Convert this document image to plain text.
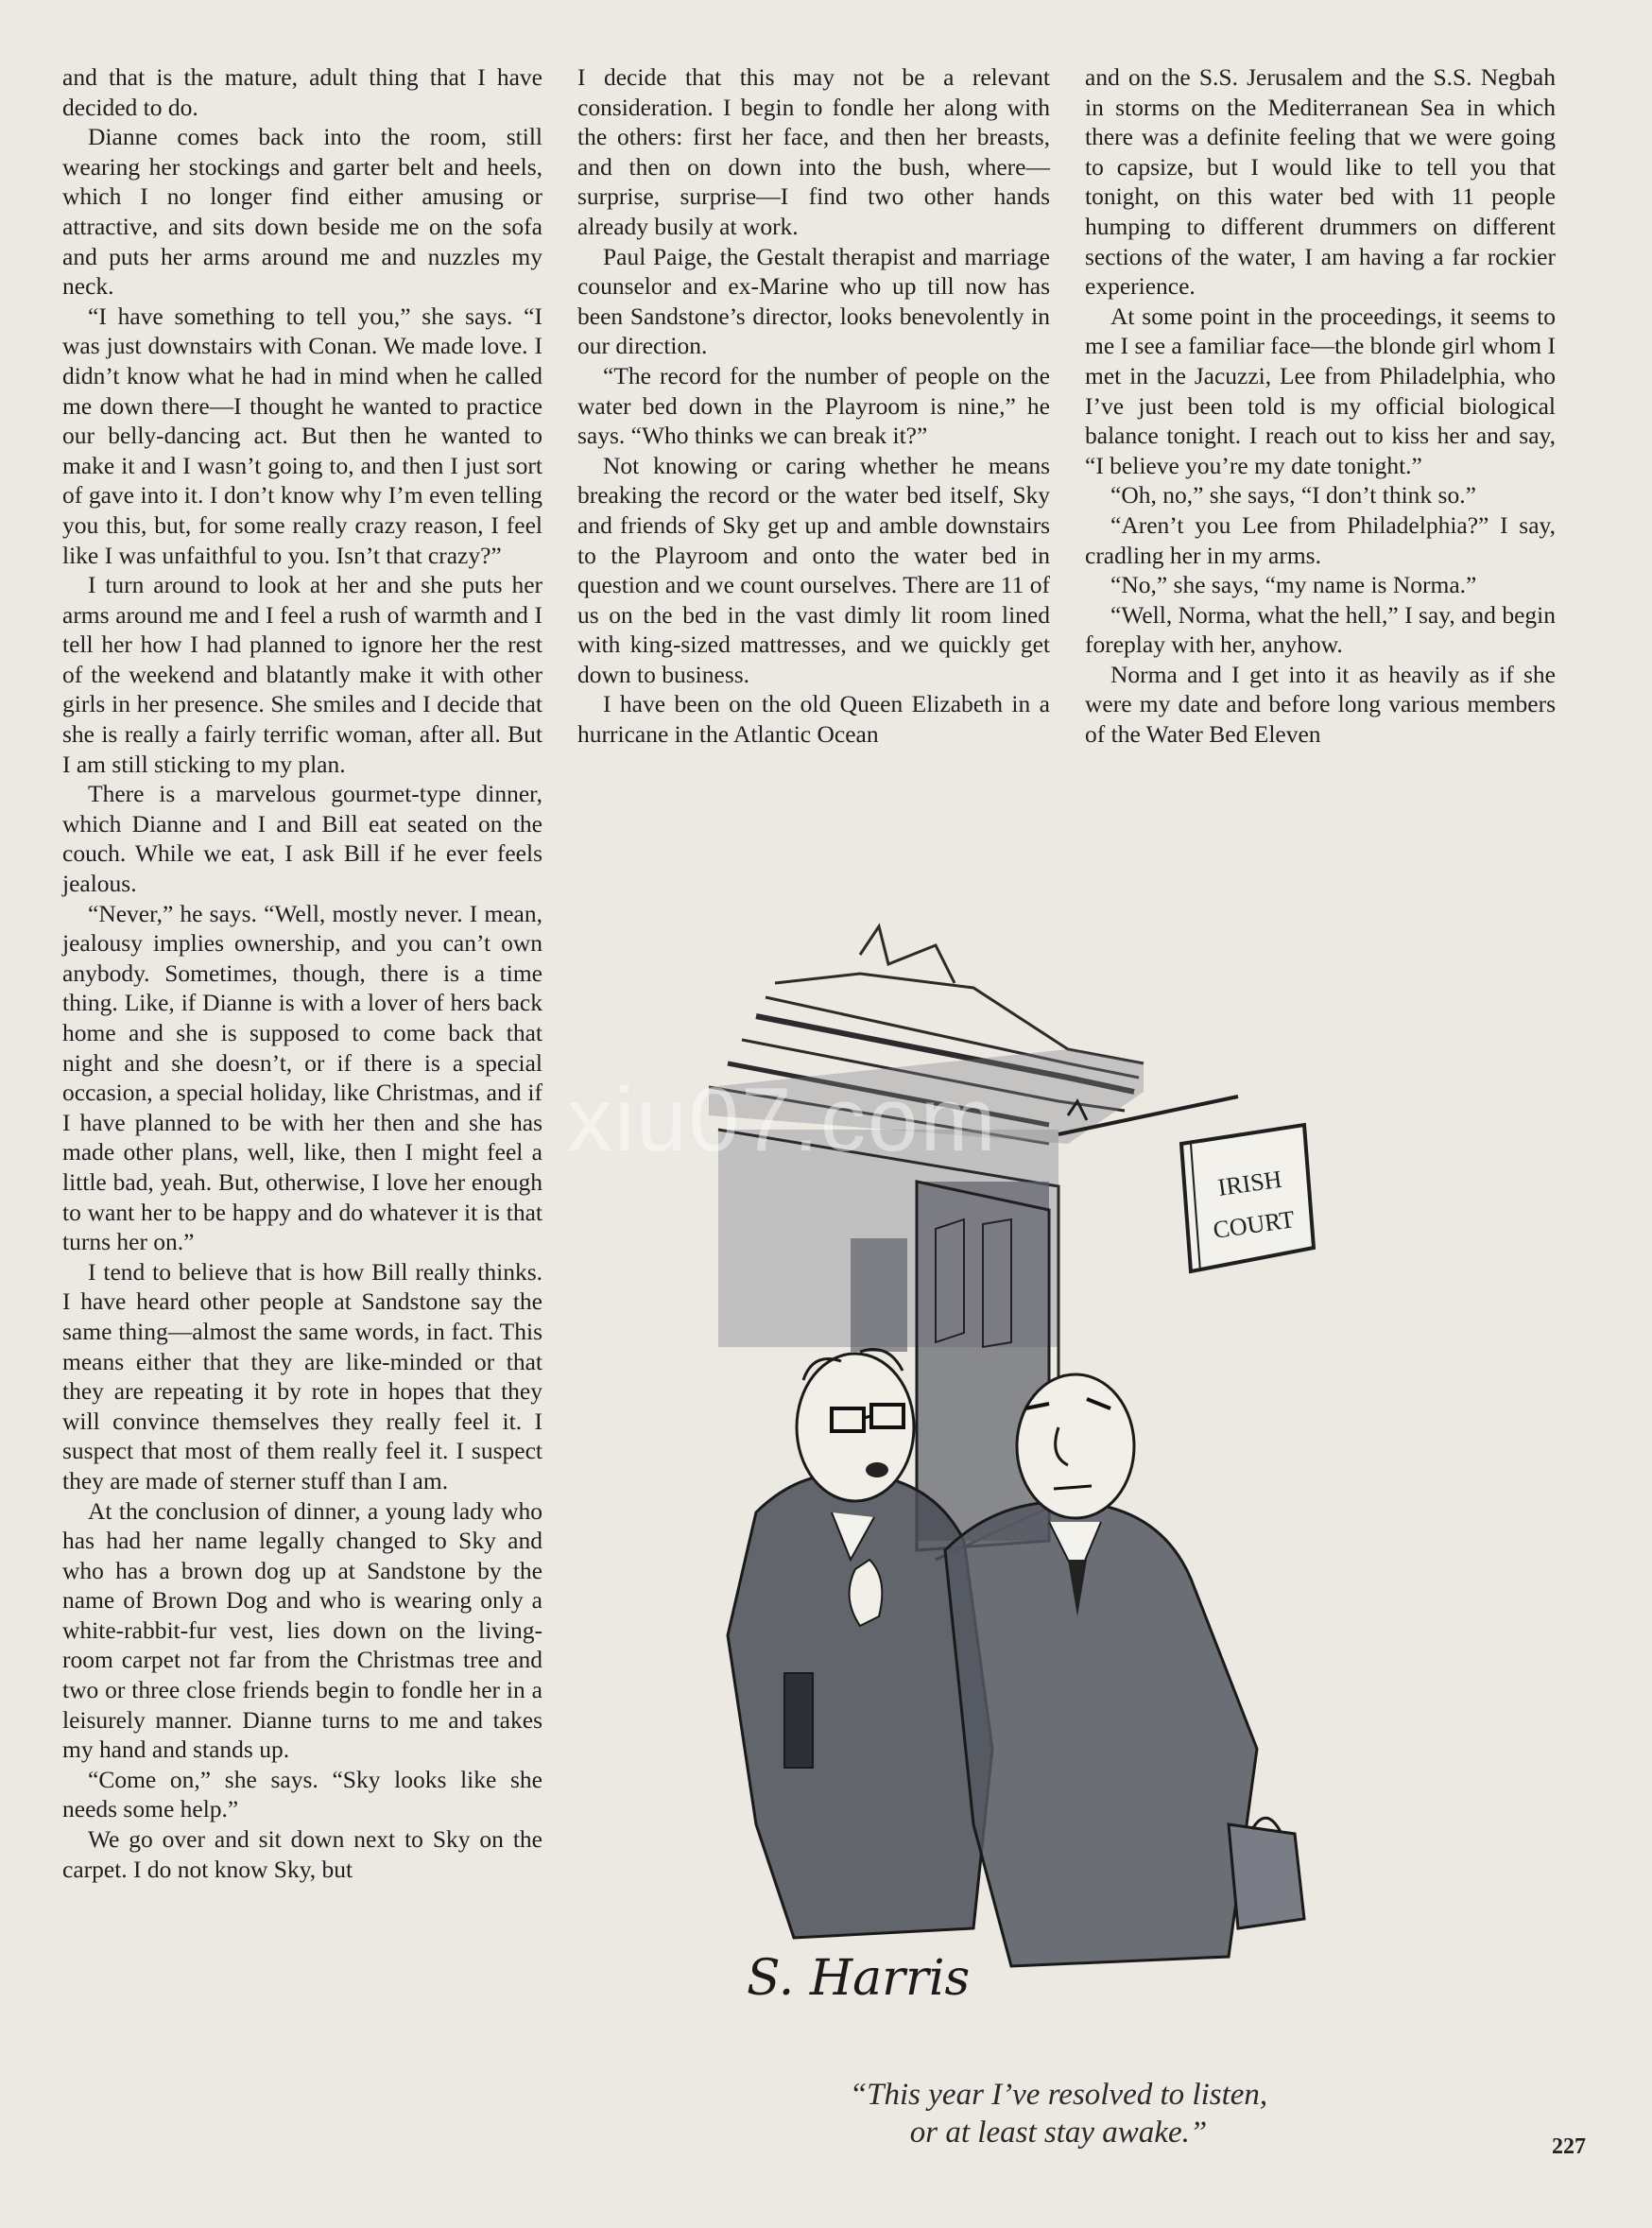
and that is the mature, adult thing that I have decided to do.

Dianne comes back into the room, still wearing her stockings and garter belt and heels, which I no longer find either amusing or attractive, and sits down beside me on the sofa and puts her arms around me and nuzzles my neck.

“I have something to tell you,” she says. “I was just downstairs with Conan. We made love. I didn’t know what he had in mind when he called me down there—I thought he wanted to practice our belly-dancing act. But then he wanted to make it and I wasn’t going to, and then I just sort of gave into it. I don’t know why I’m even telling you this, but, for some really crazy reason, I feel like I was unfaithful to you. Isn’t that crazy?”

I turn around to look at her and she puts her arms around me and I feel a rush of warmth and I tell her how I had planned to ignore her the rest of the weekend and blatantly make it with other girls in her presence. She smiles and I decide that she is really a fairly terrific woman, after all. But I am still sticking to my plan.

There is a marvelous gourmet-type dinner, which Dianne and I and Bill eat seated on the couch. While we eat, I ask Bill if he ever feels jealous.

“Never,” he says. “Well, mostly never. I mean, jealousy implies ownership, and you can’t own anybody. Sometimes, though, there is a time thing. Like, if Dianne is with a lover of hers back home and she is supposed to come back that night and she doesn’t, or if there is a special occasion, a special holiday, like Christmas, and if I have planned to be with her then and she has made other plans, well, like, then I might feel a little bad, yeah. But, otherwise, I love her enough to want her to be happy and do whatever it is that turns her on.”

I tend to believe that is how Bill really thinks. I have heard other people at Sandstone say the same thing—almost the same words, in fact. This means either that they are like-minded or that they are repeating it by rote in hopes that they will convince themselves they really feel it. I suspect that most of them really feel it. I suspect they are made of sterner stuff than I am.

At the conclusion of dinner, a young lady who has had her name legally changed to Sky and who has a brown dog up at Sandstone by the name of Brown Dog and who is wearing only a white-rabbit-fur vest, lies down on the living-room carpet not far from the Christmas tree and two or three close friends begin to fondle her in a leisurely manner. Dianne turns to me and takes my hand and stands up.

“Come on,” she says. “Sky looks like she needs some help.”

We go over and sit down next to Sky on the carpet. I do not know Sky, but

I decide that this may not be a relevant consideration. I begin to fondle her along with the others: first her face, and then her breasts, and then on down into the bush, where—surprise, surprise—I find two other hands already busily at work.

Paul Paige, the Gestalt therapist and marriage counselor and ex-Marine who up till now has been Sandstone’s director, looks benevolently in our direction.

“The record for the number of people on the water bed down in the Playroom is nine,” he says. “Who thinks we can break it?”

Not knowing or caring whether he means breaking the record or the water bed itself, Sky and friends of Sky get up and amble downstairs to the Playroom and onto the water bed in question and we count ourselves. There are 11 of us on the bed in the vast dimly lit room lined with king-sized mattresses, and we quickly get down to business.

I have been on the old Queen Elizabeth in a hurricane in the Atlantic Ocean

and on the S.S. Jerusalem and the S.S. Negbah in storms on the Mediterranean Sea in which there was a definite feeling that we were going to capsize, but I would like to tell you that tonight, on this water bed with 11 people humping to different drummers on different sections of the water, I am having a far rockier experience.

At some point in the proceedings, it seems to me I see a familiar face—the blonde girl whom I met in the Jacuzzi, Lee from Philadelphia, who I’ve just been told is my official biological balance tonight. I reach out to kiss her and say, “I believe you’re my date tonight.”

“Oh, no,” she says, “I don’t think so.”

“Aren’t you Lee from Philadelphia?” I say, cradling her in my arms.

“No,” she says, “my name is Norma.”

“Well, Norma, what the hell,” I say, and begin foreplay with her, anyhow.

Norma and I get into it as heavily as if she were my date and before long various members of the Water Bed Eleven

IRISH
COURT
S. Harris
xiu07.com
“This year I’ve resolved to listen,
or at least stay awake.”	227
